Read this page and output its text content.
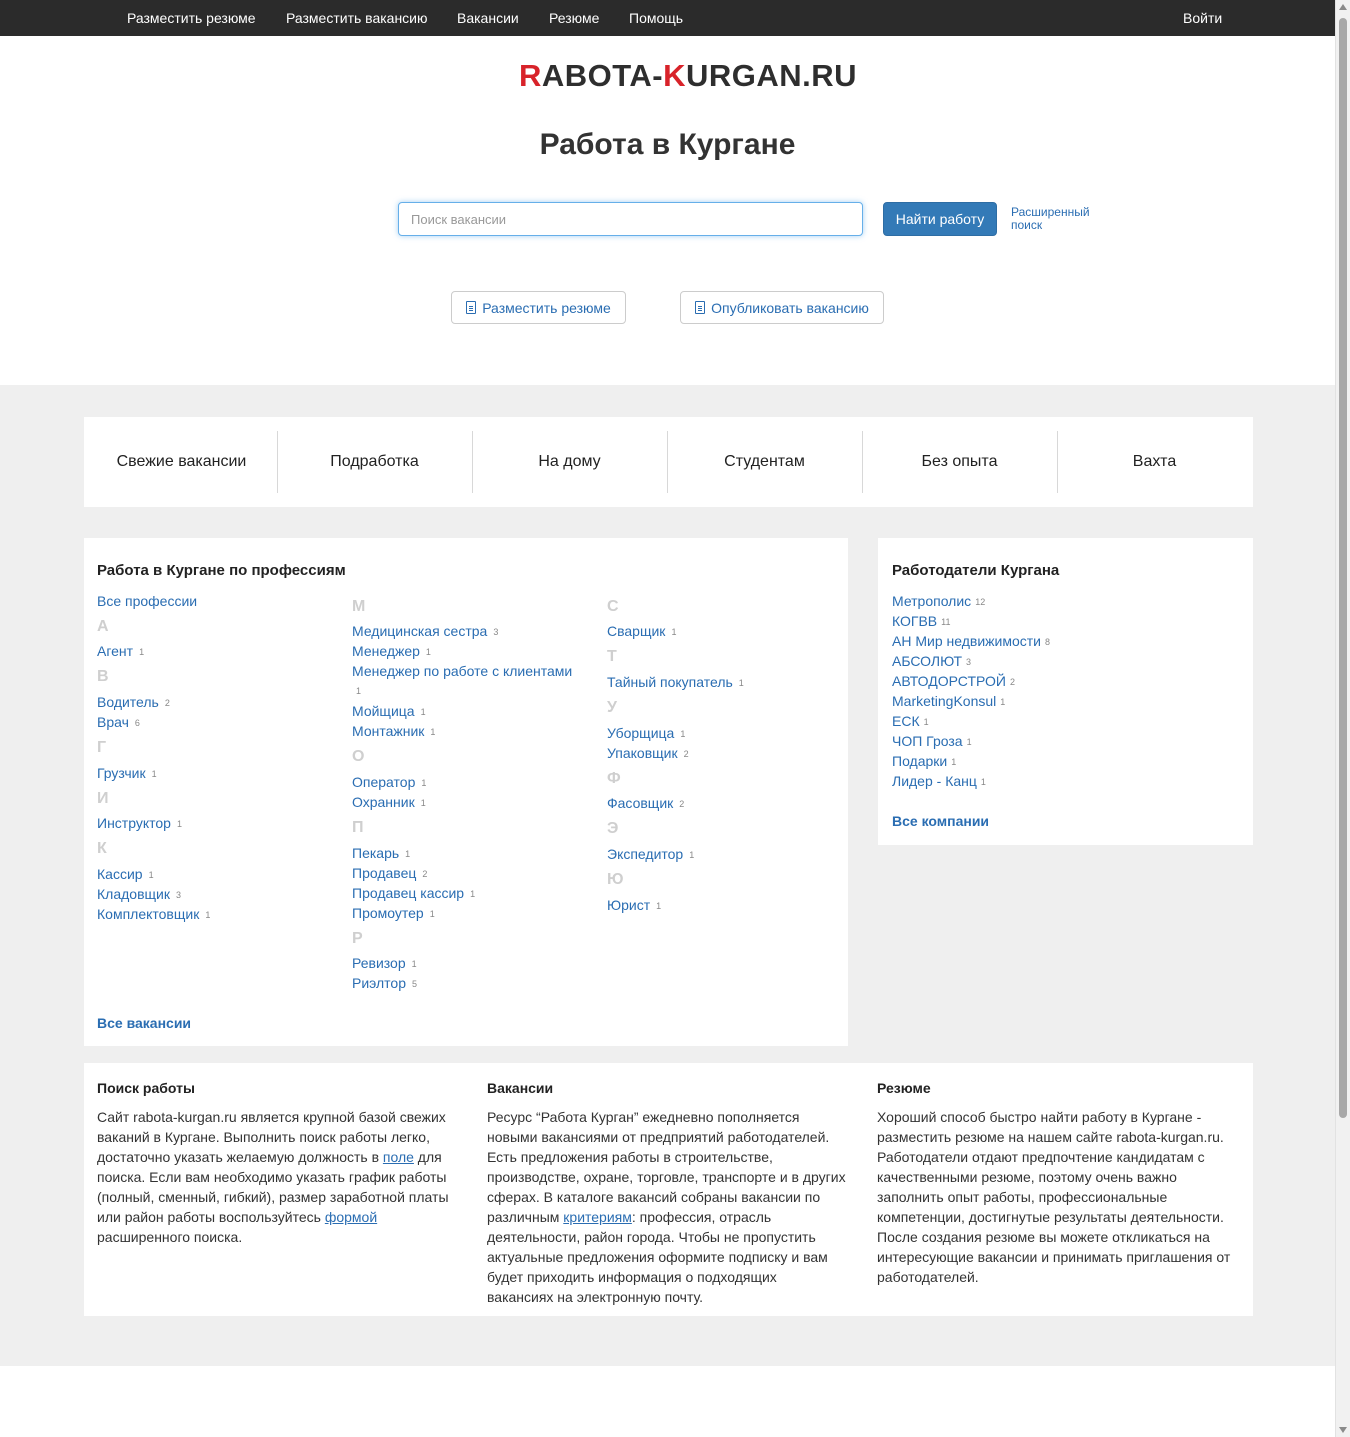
Разместить резюме Разместить вакансию Вакансии Резюме Помощь	Войти
RABOTA-KURGAN.RU
Работа в Кургане
Поиск вакансии
Найти работу	Расширенный
поиск
Разместить резюме	Опубликовать вакансию
Свежие вакансии	Подработка	На дому	Студентам	Без опыта	Вахта
Работа в Кургане по профессиям
Все профессии
А
Агент 1
В
Водитель 2
Врач 6
Г
Грузчик 1
И
Инструктор 1
К
Кассир 1
Кладовщик 3
Комплектовщик 1
М
Медицинская сестра 3
Менеджер 1
Менеджер по работе с клиентами
1
Мойщица 1
Монтажник 1
О
Оператор 1
Охранник 1
П
Пекарь 1
Продавец 2
Продавец кассир 1
Промоутер 1
Р
Ревизор 1
Риэлтор 5
С
Сварщик 1
Т
Тайный покупатель 1
У
Уборщица 1
Упаковщик 2
Ф
Фасовщик 2
Э
Экспедитор 1
Ю
Юрист 1
Все вакансии
Работодатели Кургана
Метрополис 12
КОГВВ 11
АН Мир недвижимости 8
АБСОЛЮТ 3
АВТОДОРСТРОЙ 2
MarketingKonsul 1
ЕСК 1
ЧОП Гроза 1
Подарки 1
Лидер - Канц 1
Все компании
Поиск работы
Сайт rabota-kurgan.ru является крупной базой свежих
ваканий в Кургане. Выполнить поиск работы легко,
достаточно указать желаемую должность в поле для
поиска. Если вам необходимо указать график работы
(полный, сменный, гибкий), размер заработной платы
или район работы воспользуйтесь формой
расширенного поиска.
Вакансии
Ресурс “Работа Курган” ежедневно пополняется
новыми вакансиями от предприятий работодателей.
Есть предложения работы в строительстве,
производстве, охране, торговле, транспорте и в других
сферах. В каталоге вакансий собраны вакансии по
различным критериям: профессия, отрасль
деятельности, район города. Чтобы не пропустить
актуальные предложения оформите подписку и вам
будет приходить информация о подходящих
вакансиях на электронную почту.
Резюме
Хороший способ быстро найти работу в Кургане -
разместить резюме на нашем сайте rabota-kurgan.ru.
Работодатели отдают предпочтение кандидатам с
качественными резюме, поэтому очень важно
заполнить опыт работы, профессиональные
компетенции, достигнутые результаты деятельности.
После создания резюме вы можете откликаться на
интересующие вакансии и принимать приглашения от
работодателей.
